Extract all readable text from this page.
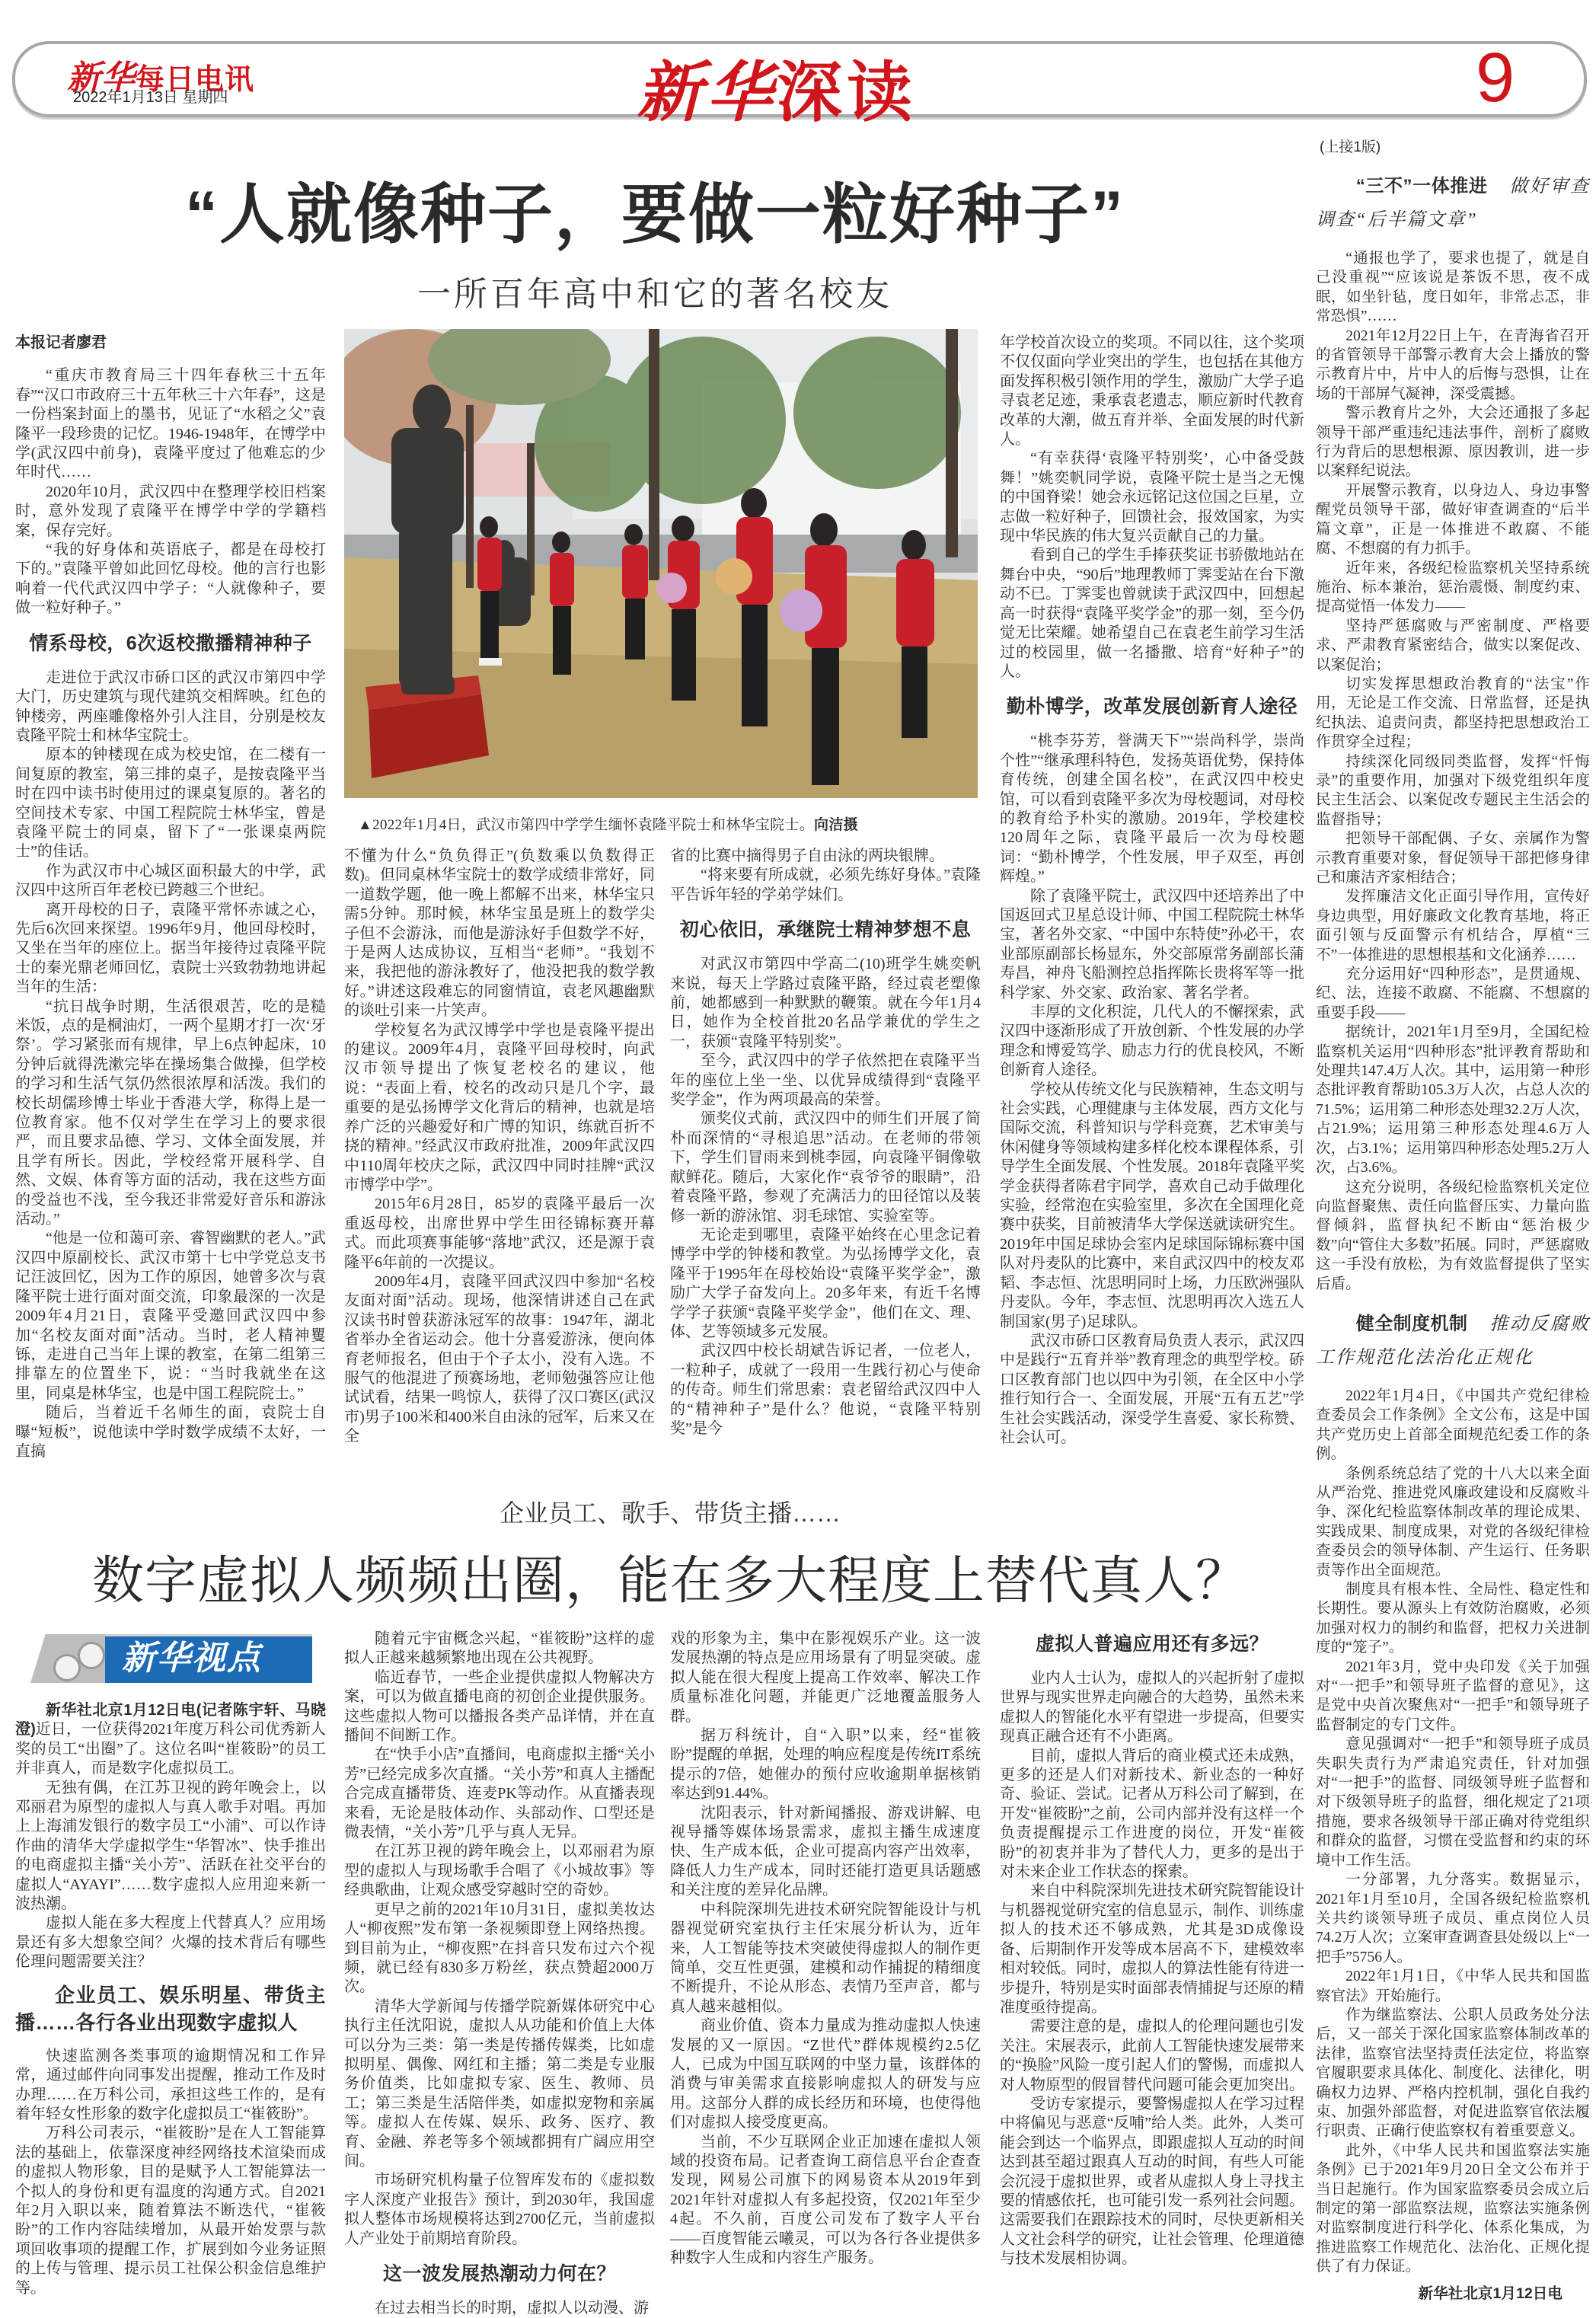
新华每日电讯
2022年1月13日 星期四	新华深读	9
“人就像种子，要做一粒好种子”
一所百年高中和它的著名校友
▲2022年1月4日，武汉市第四中学学生缅怀袁隆平院士和林华宝院士。向洁摄
本报记者廖君

“重庆市教育局三十四年春秋三十五年春”“汉口市政府三十五年秋三十六年春”，这是一份档案封面上的墨书，见证了“水稻之父”袁隆平一段珍贵的记忆。1946-1948年，在博学中学(武汉四中前身)，袁隆平度过了他难忘的少年时代……

2020年10月，武汉四中在整理学校旧档案时，意外发现了袁隆平在博学中学的学籍档案，保存完好。

“我的好身体和英语底子，都是在母校打下的。”袁隆平曾如此回忆母校。他的言行也影响着一代代武汉四中学子：“人就像种子，要做一粒好种子。”

情系母校，6次返校撒播精神种子

走进位于武汉市硚口区的武汉市第四中学大门，历史建筑与现代建筑交相辉映。红色的钟楼旁，两座雕像格外引人注目，分别是校友袁隆平院士和林华宝院士。

原本的钟楼现在成为校史馆，在二楼有一间复原的教室，第三排的桌子，是按袁隆平当时在四中读书时使用过的课桌复原的。著名的空间技术专家、中国工程院院士林华宝，曾是袁隆平院士的同桌，留下了“一张课桌两院士”的佳话。

作为武汉市中心城区面积最大的中学，武汉四中这所百年老校已跨越三个世纪。

离开母校的日子，袁隆平常怀赤诚之心，先后6次回来探望。1996年9月，他回母校时，又坐在当年的座位上。据当年接待过袁隆平院士的秦光鼎老师回忆，袁院士兴致勃勃地讲起当年的生活：

“抗日战争时期，生活很艰苦，吃的是糙米饭，点的是桐油灯，一两个星期才打一次‘牙祭’。学习紧张而有规律，早上6点钟起床，10分钟后就得洗漱完毕在操场集合做操，但学校的学习和生活气氛仍然很浓厚和活泼。我们的校长胡儒珍博士毕业于香港大学，称得上是一位教育家。他不仅对学生在学习上的要求很严，而且要求品德、学习、文体全面发展，并且学有所长。因此，学校经常开展科学、自然、文娱、体育等方面的活动，我在这些方面的受益也不浅，至今我还非常爱好音乐和游泳活动。”

“他是一位和蔼可亲、睿智幽默的老人。”武汉四中原副校长、武汉市第十七中学党总支书记汪波回忆，因为工作的原因，她曾多次与袁隆平院士进行面对面交流，印象最深的一次是2009年4月21日，袁隆平受邀回武汉四中参加“名校友面对面”活动。当时，老人精神矍铄，走进自己当年上课的教室，在第二组第三排靠左的位置坐下，说：“当时我就坐在这里，同桌是林华宝，也是中国工程院院士。”

随后，当着近千名师生的面，袁院士自曝“短板”，说他读中学时数学成绩不太好，一直搞

不懂为什么“负负得正”(负数乘以负数得正数)。但同桌林华宝院士的数学成绩非常好，同一道数学题，他一晚上都解不出来，林华宝只需5分钟。那时候，林华宝虽是班上的数学尖子但不会游泳，而他是游泳好手但数学不好，于是两人达成协议，互相当“老师”。“我划不来，我把他的游泳教好了，他没把我的数学教好。”讲述这段难忘的同窗情谊，袁老风趣幽默的谈吐引来一片笑声。

学校复名为武汉博学中学也是袁隆平提出的建议。2009年4月，袁隆平回母校时，向武汉市领导提出了恢复老校名的建议，他说：“表面上看，校名的改动只是几个字，最重要的是弘扬博学文化背后的精神，也就是培养广泛的兴趣爱好和广博的知识，练就百折不挠的精神。”经武汉市政府批准，2009年武汉四中110周年校庆之际，武汉四中同时挂牌“武汉市博学中学”。

2015年6月28日，85岁的袁隆平最后一次重返母校，出席世界中学生田径锦标赛开幕式。而此项赛事能够“落地”武汉，还是源于袁隆平6年前的一次提议。

2009年4月，袁隆平回武汉四中参加“名校友面对面”活动。现场，他深情讲述自己在武汉读书时曾获游泳冠军的故事：1947年，湖北省举办全省运动会。他十分喜爱游泳，便向体育老师报名，但由于个子太小，没有入选。不服气的他混进了预赛场地，老师勉强答应让他试试看，结果一鸣惊人，获得了汉口赛区(武汉市)男子100米和400米自由泳的冠军，后来又在全

省的比赛中摘得男子自由泳的两块银牌。

“将来要有所成就，必须先练好身体。”袁隆平告诉年轻的学弟学妹们。

初心依旧，承继院士精神梦想不息

对武汉市第四中学高二(10)班学生姚奕帆来说，每天上学路过袁隆平路，经过袁老塑像前，她都感到一种默默的鞭策。就在今年1月4日，她作为全校首批20名品学兼优的学生之一，获颁“袁隆平特别奖”。

至今，武汉四中的学子依然把在袁隆平当年的座位上坐一坐、以优异成绩得到“袁隆平奖学金”，作为两项最高的荣誉。

颁奖仪式前，武汉四中的师生们开展了简朴而深情的“寻根追思”活动。在老师的带领下，学生们冒雨来到桃李园，向袁隆平铜像敬献鲜花。随后，大家化作“袁爷爷的眼睛”，沿着袁隆平路，参观了充满活力的田径馆以及装修一新的游泳馆、羽毛球馆、实验室等。

无论走到哪里，袁隆平始终在心里念记着博学中学的钟楼和教堂。为弘扬博学文化，袁隆平于1995年在母校始设“袁隆平奖学金”，激励广大学子奋发向上。20多年来，有近千名博学学子获颁“袁隆平奖学金”，他们在文、理、体、艺等领域多元发展。

武汉四中校长胡斌告诉记者，一位老人，一粒种子，成就了一段用一生践行初心与使命的传奇。师生们常思索：袁老留给武汉四中人的“精神种子”是什么？他说，“袁隆平特别奖”是今

年学校首次设立的奖项。不同以往，这个奖项不仅仅面向学业突出的学生，也包括在其他方面发挥积极引领作用的学生，激励广大学子追寻袁老足迹，秉承袁老遗志，顺应新时代教育改革的大潮，做五育并举、全面发展的时代新人。

“有幸获得‘袁隆平特别奖’，心中备受鼓舞！”姚奕帆同学说，袁隆平院士是当之无愧的中国脊梁！她会永远铭记这位国之巨星，立志做一粒好种子，回馈社会，报效国家，为实现中华民族的伟大复兴贡献自己的力量。

看到自己的学生手捧获奖证书骄傲地站在舞台中央，“90后”地理教师丁霁雯站在台下激动不已。丁霁雯也曾就读于武汉四中，回想起高一时获得“袁隆平奖学金”的那一刻，至今仍觉无比荣耀。她希望自己在袁老生前学习生活过的校园里，做一名播撒、培育“好种子”的人。

勤朴博学，改革发展创新育人途径

“桃李芬芳，誉满天下”“崇尚科学，崇尚个性”“继承理科特色，发扬英语优势，保持体育传统，创建全国名校”，在武汉四中校史馆，可以看到袁隆平多次为母校题词，对母校的教育给予朴实的激励。2019年，学校建校120周年之际，袁隆平最后一次为母校题词：“勤朴博学，个性发展，甲子双至，再创辉煌。”

除了袁隆平院士，武汉四中还培养出了中国返回式卫星总设计师、中国工程院院士林华宝，著名外交家、“中国中东特使”孙必干，农业部原副部长杨显东，外交部原常务副部长蒲寿昌，神舟飞船测控总指挥陈长贵将军等一批科学家、外交家、政治家、著名学者。

丰厚的文化积淀，几代人的不懈探索，武汉四中逐渐形成了开放创新、个性发展的办学理念和博爱笃学、励志力行的优良校风，不断创新育人途径。

学校从传统文化与民族精神，生态文明与社会实践，心理健康与主体发展，西方文化与国际交流，科普知识与学科竞赛，艺术审美与休闲健身等领域构建多样化校本课程体系，引导学生全面发展、个性发展。2018年袁隆平奖学金获得者陈君宇同学，喜欢自己动手做理化实验，经常泡在实验室里，多次在全国理化竞赛中获奖，目前被清华大学保送就读研究生。2019年中国足球协会室内足球国际锦标赛中国队对丹麦队的比赛中，来自武汉四中的校友邓韬、李志恒、沈思明同时上场，力压欧洲强队丹麦队。今年，李志恒、沈思明再次入选五人制国家(男子)足球队。

武汉市硚口区教育局负责人表示，武汉四中是践行“五育并举”教育理念的典型学校。硚口区教育部门也以四中为引领，在全区中小学推行知行合一、全面发展，开展“五有五艺”学生社会实践活动，深受学生喜爱、家长称赞、社会认可。

(上接1版)
“三不”一体推进 做好审查调查“后半篇文章”

“通报也学了，要求也提了，就是自己没重视”“应该说是茶饭不思，夜不成眠，如坐针毡，度日如年，非常忐忑，非常恐惧”……

2021年12月22日上午，在青海省召开的省管领导干部警示教育大会上播放的警示教育片中，片中人的后悔与恐惧，让在场的干部屏气凝神，深受震撼。

警示教育片之外，大会还通报了多起领导干部严重违纪违法事件，剖析了腐败行为背后的思想根源、原因教训，进一步以案释纪说法。

开展警示教育，以身边人、身边事警醒党员领导干部，做好审查调查的“后半篇文章”，正是一体推进不敢腐、不能腐、不想腐的有力抓手。

近年来，各级纪检监察机关坚持系统施治、标本兼治，惩治震慑、制度约束、提高觉悟一体发力——

坚持严惩腐败与严密制度、严格要求、严肃教育紧密结合，做实以案促改、以案促治；

切实发挥思想政治教育的“法宝”作用，无论是工作交流、日常监督，还是执纪执法、追责问责，都坚持把思想政治工作贯穿全过程；

持续深化同级同类监督，发挥“忏悔录”的重要作用，加强对下级党组织年度民主生活会、以案促改专题民主生活会的监督指导；

把领导干部配偶、子女、亲属作为警示教育重要对象，督促领导干部把修身律己和廉洁齐家相结合；

发挥廉洁文化正面引导作用，宣传好身边典型，用好廉政文化教育基地，将正面引领与反面警示有机结合，厚植“三不”一体推进的思想根基和文化涵养……

充分运用好“四种形态”，是贯通规、纪、法，连接不敢腐、不能腐、不想腐的重要手段——

据统计，2021年1月至9月，全国纪检监察机关运用“四种形态”批评教育帮助和处理共147.4万人次。其中，运用第一种形态批评教育帮助105.3万人次，占总人次的71.5%；运用第二种形态处理32.2万人次，占21.9%；运用第三种形态处理4.6万人次，占3.1%；运用第四种形态处理5.2万人次，占3.6%。

这充分说明，各级纪检监察机关定位向监督聚焦、责任向监督压实、力量向监督倾斜，监督执纪不断由“惩治极少数”向“管住大多数”拓展。同时，严惩腐败这一手没有放松，为有效监督提供了坚实后盾。

健全制度机制 推动反腐败工作规范化法治化正规化

2022年1月4日，《中国共产党纪律检查委员会工作条例》全文公布，这是中国共产党历史上首部全面规范纪委工作的条例。

条例系统总结了党的十八大以来全面从严治党、推进党风廉政建设和反腐败斗争、深化纪检监察体制改革的理论成果、实践成果、制度成果，对党的各级纪律检查委员会的领导体制、产生运行、任务职责等作出全面规范。

制度具有根本性、全局性、稳定性和长期性。要从源头上有效防治腐败，必须加强对权力的制约和监督，把权力关进制度的“笼子”。

2021年3月，党中央印发《关于加强对“一把手”和领导班子监督的意见》，这是党中央首次聚焦对“一把手”和领导班子监督制定的专门文件。

意见强调对“一把手”和领导班子成员失职失责行为严肃追究责任，针对加强对“一把手”的监督、同级领导班子监督和对下级领导班子的监督，细化规定了21项措施，要求各级领导干部正确对待党组织和群众的监督，习惯在受监督和约束的环境中工作生活。

一分部署，九分落实。数据显示，2021年1月至10月，全国各级纪检监察机关共约谈领导班子成员、重点岗位人员74.2万人次；立案审查调查县处级以上“一把手”5756人。

2022年1月1日，《中华人民共和国监察官法》开始施行。

作为继监察法、公职人员政务处分法后，又一部关于深化国家监察体制改革的法律，监察官法坚持责任法定位，将监察官履职要求具体化、制度化、法律化，明确权力边界、严格内控机制，强化自我约束、加强外部监督，对促进监察官依法履行职责、正确行使监察权有着重要意义。

此外，《中华人民共和国监察法实施条例》已于2021年9月20日全文公布并于当日起施行。作为国家监察委员会成立后制定的第一部监察法规，监察法实施条例对监察制度进行科学化、体系化集成，为推进监察工作规范化、法治化、正规化提供了有力保证。

新华社北京1月12日电

企业员工、歌手、带货主播……
数字虚拟人频频出圈，能在多大程度上替代真人？
新华视点

新华社北京1月12日电(记者陈宇轩、马晓澄)近日，一位获得2021年度万科公司优秀新人奖的员工“出圈”了。这位名叫“崔筱盼”的员工并非真人，而是数字化虚拟员工。

无独有偶，在江苏卫视的跨年晚会上，以邓丽君为原型的虚拟人与真人歌手对唱。再加上上海浦发银行的数字员工“小浦”、可以作诗作曲的清华大学虚拟学生“华智冰”、快手推出的电商虚拟主播“关小芳”、活跃在社交平台的虚拟人“AYAYI”……数字虚拟人应用迎来新一波热潮。

虚拟人能在多大程度上代替真人？应用场景还有多大想象空间？火爆的技术背后有哪些伦理问题需要关注？

企业员工、娱乐明星、带货主播……各行各业出现数字虚拟人

快速监测各类事项的逾期情况和工作异常，通过邮件向同事发出提醒，推动工作及时办理……在万科公司，承担这些工作的，是有着年轻女性形象的数字化虚拟员工“崔筱盼”。

万科公司表示，“崔筱盼”是在人工智能算法的基础上，依靠深度神经网络技术渲染而成的虚拟人物形象，目的是赋予人工智能算法一个拟人的身份和更有温度的沟通方式。自2021年2月入职以来，随着算法不断迭代，“崔筱盼”的工作内容陆续增加，从最开始发票与款项回收事项的提醒工作，扩展到如今业务证照的上传与管理、提示员工社保公积金信息维护等。

随着元宇宙概念兴起，“崔筱盼”这样的虚拟人正越来越频繁地出现在公共视野。

临近春节，一些企业提供虚拟人物解决方案，可以为做直播电商的初创企业提供服务。这些虚拟人物可以播报各类产品详情，并在直播间不间断工作。

在“快手小店”直播间，电商虚拟主播“关小芳”已经完成多次直播。“关小芳”和真人主播配合完成直播带货、连麦PK等动作。从直播表现来看，无论是肢体动作、头部动作、口型还是微表情，“关小芳”几乎与真人无异。

在江苏卫视的跨年晚会上，以邓丽君为原型的虚拟人与现场歌手合唱了《小城故事》等经典歌曲，让观众感受穿越时空的奇妙。

更早之前的2021年10月31日，虚拟美妆达人“柳夜熙”发布第一条视频即登上网络热搜。到目前为止，“柳夜熙”在抖音只发布过六个视频，就已经有830多万粉丝，获点赞超2000万次。

清华大学新闻与传播学院新媒体研究中心执行主任沈阳说，虚拟人从功能和价值上大体可以分为三类：第一类是传播传媒类，比如虚拟明星、偶像、网红和主播；第二类是专业服务价值类，比如虚拟专家、医生、教师、员工；第三类是生活陪伴类，如虚拟宠物和亲属等。虚拟人在传媒、娱乐、政务、医疗、教育、金融、养老等多个领域都拥有广阔应用空间。

市场研究机构量子位智库发布的《虚拟数字人深度产业报告》预计，到2030年，我国虚拟人整体市场规模将达到2700亿元，当前虚拟人产业处于前期培育阶段。

这一波发展热潮动力何在？

在过去相当长的时期，虚拟人以动漫、游

戏的形象为主，集中在影视娱乐产业。这一波发展热潮的特点是应用场景有了明显突破。虚拟人能在很大程度上提高工作效率、解决工作质量标准化问题，并能更广泛地覆盖服务人群。

据万科统计，自“入职”以来，经“崔筱盼”提醒的单据，处理的响应程度是传统IT系统提示的7倍，她催办的预付应收逾期单据核销率达到91.44%。

沈阳表示，针对新闻播报、游戏讲解、电视导播等媒体场景需求，虚拟主播生成速度快、生产成本低，企业可提高内容产出效率，降低人力生产成本，同时还能打造更具话题感和关注度的差异化品牌。

中科院深圳先进技术研究院智能设计与机器视觉研究室执行主任宋展分析认为，近年来，人工智能等技术突破使得虚拟人的制作更简单，交互性更强，建模和动作捕捉的精细度不断提升，不论从形态、表情乃至声音，都与真人越来越相似。

商业价值、资本力量成为推动虚拟人快速发展的又一原因。“Z世代”群体规模约2.5亿人，已成为中国互联网的中坚力量，该群体的消费与审美需求直接影响虚拟人的研发与应用。这部分人群的成长经历和环境，也使得他们对虚拟人接受度更高。

当前，不少互联网企业正加速在虚拟人领域的投资布局。记者查询工商信息平台企查查发现，网易公司旗下的网易资本从2019年到2021年针对虚拟人有多起投资，仅2021年至少4起。不久前，百度公司发布了数字人平台——百度智能云曦灵，可以为各行各业提供多种数字人生成和内容生产服务。

虚拟人普遍应用还有多远？

业内人士认为，虚拟人的兴起折射了虚拟世界与现实世界走向融合的大趋势，虽然未来虚拟人的智能化水平有望进一步提高，但要实现真正融合还有不小距离。

目前，虚拟人背后的商业模式还未成熟，更多的还是人们对新技术、新业态的一种好奇、验证、尝试。记者从万科公司了解到，在开发“崔筱盼”之前，公司内部并没有这样一个负责提醒提示工作进度的岗位，开发“崔筱盼”的初衷并非为了替代人力，更多的是出于对未来企业工作状态的探索。

来自中科院深圳先进技术研究院智能设计与机器视觉研究室的信息显示，制作、训练虚拟人的技术还不够成熟，尤其是3D成像设备、后期制作开发等成本居高不下，建模效率相对较低。同时，虚拟人的算法性能有待进一步提升，特别是实时面部表情捕捉与还原的精准度亟待提高。

需要注意的是，虚拟人的伦理问题也引发关注。宋展表示，此前人工智能快速发展带来的“换脸”风险一度引起人们的警惕，而虚拟人对人物原型的假冒替代问题可能会更加突出。

受访专家提示，要警惕虚拟人在学习过程中将偏见与恶意“反哺”给人类。此外，人类可能会到达一个临界点，即跟虚拟人互动的时间达到甚至超过跟真人互动的时间，有些人可能会沉浸于虚拟世界，或者从虚拟人身上寻找主要的情感依托，也可能引发一系列社会问题。这需要我们在跟踪技术的同时，尽快更新相关人文社会科学的研究，让社会管理、伦理道德与技术发展相协调。
